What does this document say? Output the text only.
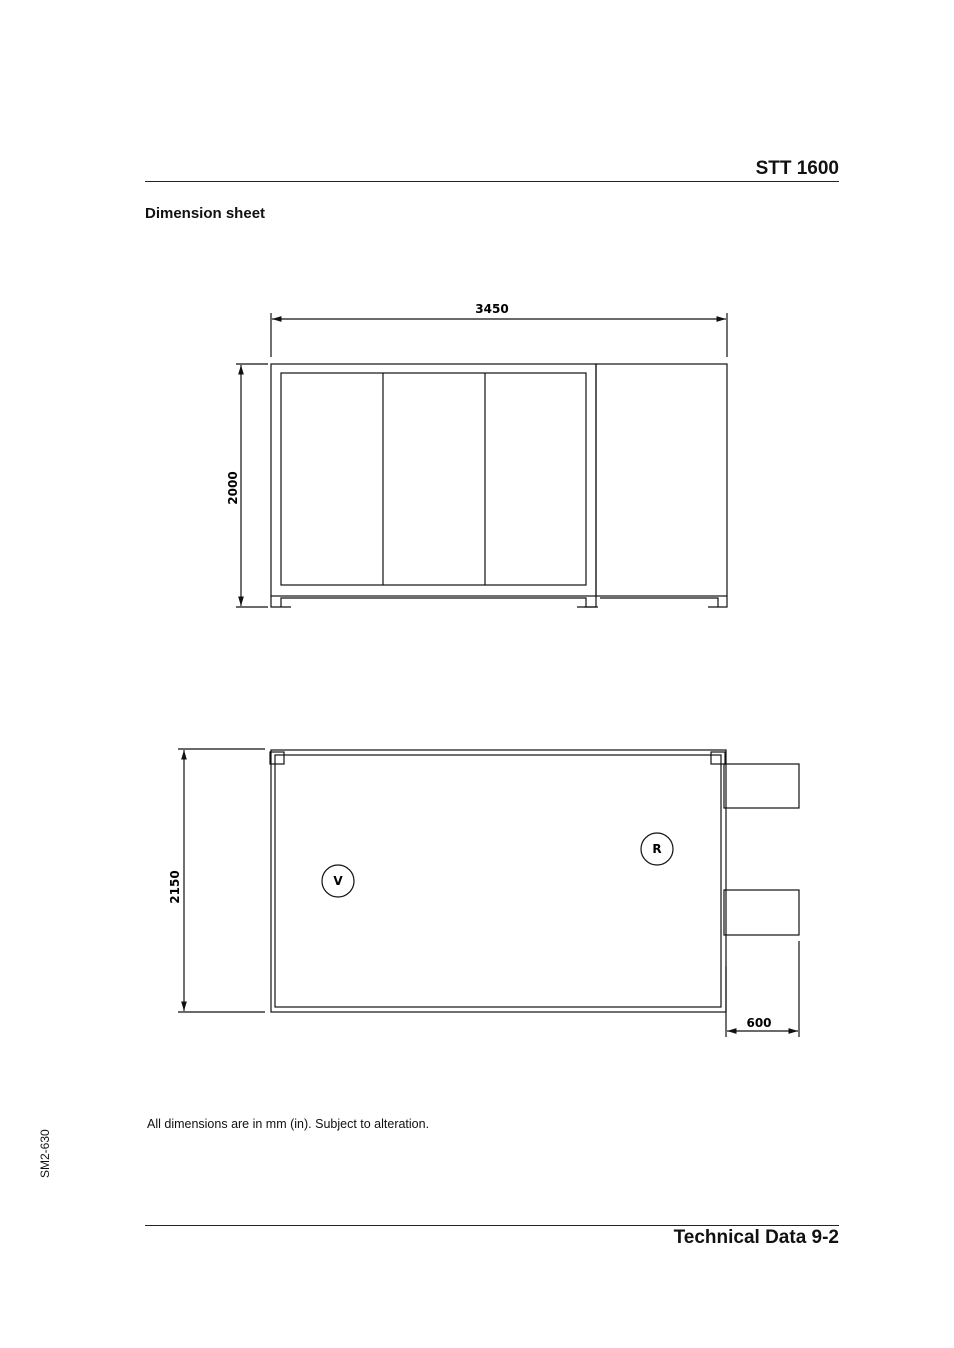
STT 1600
Dimension sheet
3450
2000
2150
600
V
R
All dimensions are in mm (in). Subject to alteration.
SM2-630
Technical Data 9-2
